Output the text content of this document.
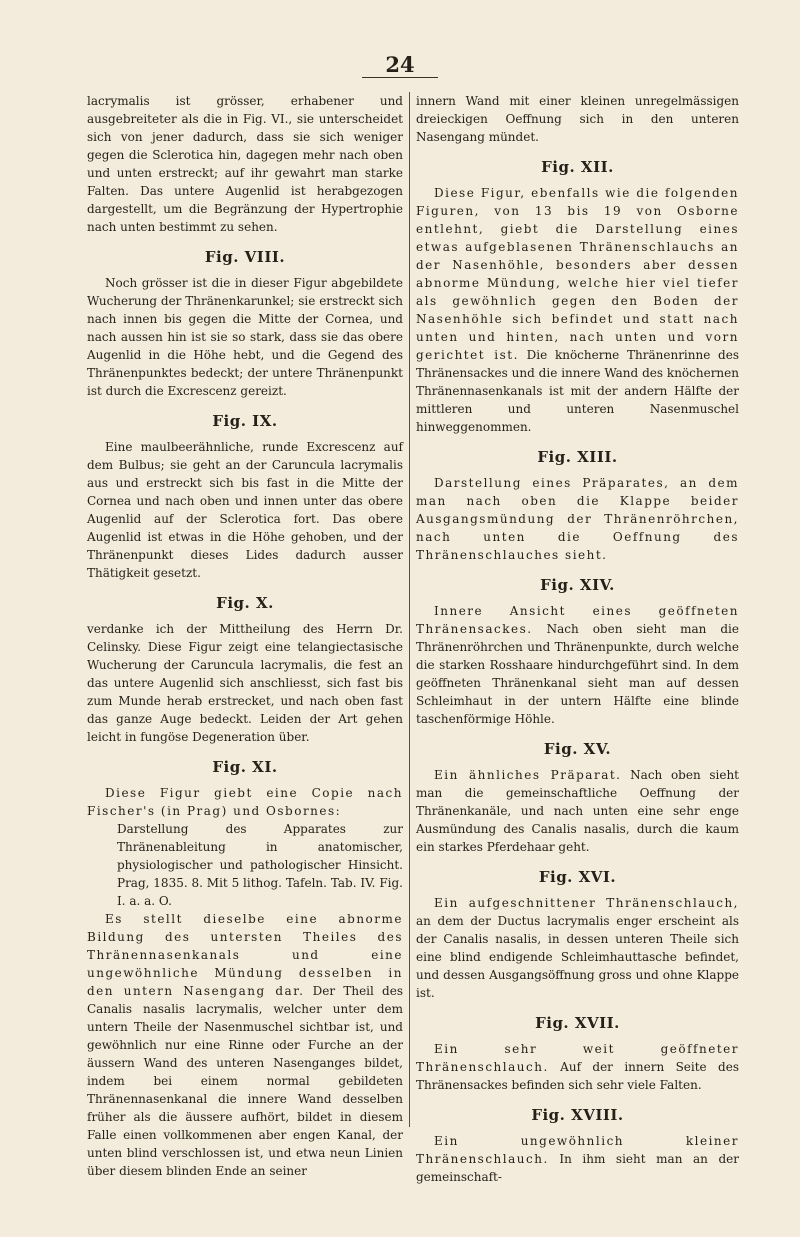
24

lacrymalis ist grösser, erhabener und ausgebreiteter als die in Fig. VI., sie unterscheidet sich von jener dadurch, dass sie sich weniger gegen die Sclerotica hin, dagegen mehr nach oben und unten erstreckt; auf ihr gewahrt man starke Falten. Das untere Augenlid ist herabgezogen dargestellt, um die Begränzung der Hypertrophie nach unten bestimmt zu sehen.

Fig. VIII.

Noch grösser ist die in dieser Figur abgebildete Wucherung der Thränenkarunkel; sie erstreckt sich nach innen bis gegen die Mitte der Cornea, und nach aussen hin ist sie so stark, dass sie das obere Augenlid in die Höhe hebt, und die Gegend des Thränenpunktes bedeckt; der untere Thränenpunkt ist durch die Excrescenz gereizt.

Fig. IX.

Eine maulbeerähnliche, runde Excrescenz auf dem Bulbus; sie geht an der Caruncula lacrymalis aus und erstreckt sich bis fast in die Mitte der Cornea und nach oben und innen unter das obere Augenlid auf der Sclerotica fort. Das obere Augenlid ist etwas in die Höhe gehoben, und der Thränenpunkt dieses Lides dadurch ausser Thätigkeit gesetzt.

Fig. X.

verdanke ich der Mittheilung des Herrn Dr. Celinsky. Diese Figur zeigt eine telangiectasische Wucherung der Caruncula lacrymalis, die fest an das untere Augenlid sich anschliesst, sich fast bis zum Munde herab erstrecket, und nach oben fast das ganze Auge bedeckt. Leiden der Art gehen leicht in fungöse Degeneration über.

Fig. XI.

Diese Figur giebt eine Copie nach Fischer's (in Prag) und Osbornes:

Darstellung des Apparates zur Thränenableitung in anatomischer, physiologischer und pathologischer Hinsicht. Prag, 1835. 8. Mit 5 lithog. Tafeln. Tab. IV. Fig. I. a. a. O.

Es stellt dieselbe eine abnorme Bildung des untersten Theiles des Thränennasenkanals und eine ungewöhnliche Mündung desselben in den untern Nasengang dar. Der Theil des Canalis nasalis lacrymalis, welcher unter dem untern Theile der Nasenmuschel sichtbar ist, und gewöhnlich nur eine Rinne oder Furche an der äussern Wand des unteren Nasenganges bildet, indem bei einem normal gebildeten Thränennasenkanal die innere Wand desselben früher als die äussere aufhört, bildet in diesem Falle einen vollkommenen aber engen Kanal, der unten blind verschlossen ist, und etwa neun Linien über diesem blinden Ende an seiner

innern Wand mit einer kleinen unregelmässigen dreieckigen Oeffnung sich in den unteren Nasengang mündet.

Fig. XII.

Diese Figur, ebenfalls wie die folgenden Figuren, von 13 bis 19 von Osborne entlehnt, giebt die Darstellung eines etwas aufgeblasenen Thränenschlauchs an der Nasenhöhle, besonders aber dessen abnorme Mündung, welche hier viel tiefer als gewöhnlich gegen den Boden der Nasenhöhle sich befindet und statt nach unten und hinten, nach unten und vorn gerichtet ist. Die knöcherne Thränenrinne des Thränensackes und die innere Wand des knöchernen Thränennasenkanals ist mit der andern Hälfte der mittleren und unteren Nasenmuschel hinweggenommen.

Fig. XIII.

Darstellung eines Präparates, an dem man nach oben die Klappe beider Ausgangsmündung der Thränenröhrchen, nach unten die Oeffnung des Thränenschlauches sieht.

Fig. XIV.

Innere Ansicht eines geöffneten Thränensackes. Nach oben sieht man die Thränenröhrchen und Thränenpunkte, durch welche die starken Rosshaare hindurchgeführt sind. In dem geöffneten Thränenkanal sieht man auf dessen Schleimhaut in der untern Hälfte eine blinde taschenförmige Höhle.

Fig. XV.

Ein ähnliches Präparat. Nach oben sieht man die gemeinschaftliche Oeffnung der Thränenkanäle, und nach unten eine sehr enge Ausmündung des Canalis nasalis, durch die kaum ein starkes Pferdehaar geht.

Fig. XVI.

Ein aufgeschnittener Thränenschlauch, an dem der Ductus lacrymalis enger erscheint als der Canalis nasalis, in dessen unteren Theile sich eine blind endigende Schleimhauttasche befindet, und dessen Ausgangsöffnung gross und ohne Klappe ist.

Fig. XVII.

Ein sehr weit geöffneter Thränenschlauch. Auf der innern Seite des Thränensackes befinden sich sehr viele Falten.

Fig. XVIII.

Ein ungewöhnlich kleiner Thränenschlauch. In ihm sieht man an der gemeinschaft-
